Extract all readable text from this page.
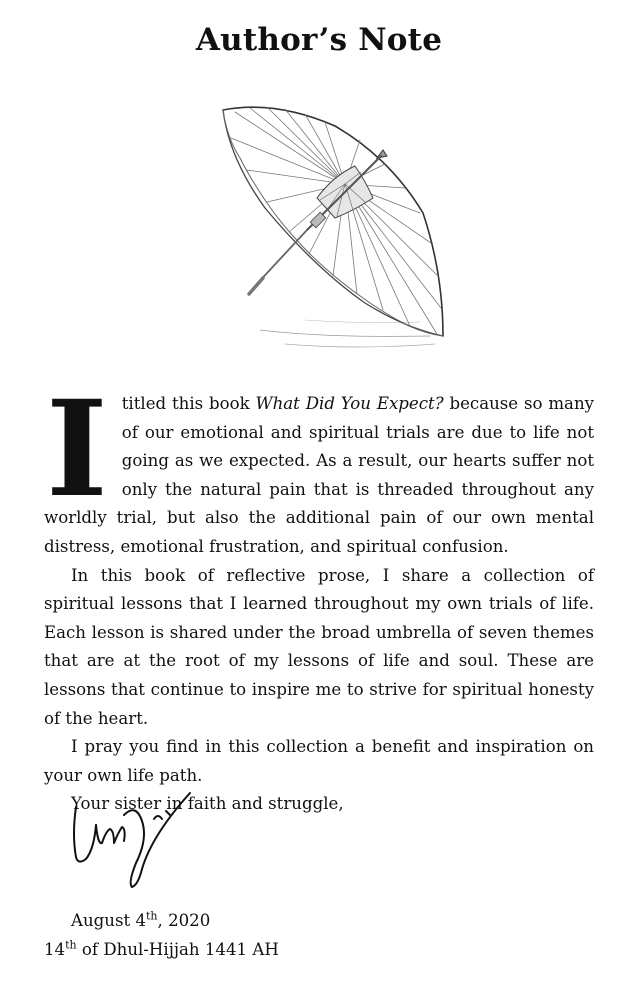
Author’s Note

I titled this book What Did You Expect? because so many of our emotional and spiritual trials are due to life not going as we expected. As a result, our hearts suffer not only the natural pain that is threaded throughout any worldly trial, but also the additional pain of our own mental distress, emotional frustration, and spiritual confusion.

In this book of reflective prose, I share a collection of spiritual lessons that I learned throughout my own trials of life. Each lesson is shared under the broad umbrella of seven themes that are at the root of my lessons of life and soul. These are lessons that continue to inspire me to strive for spiritual honesty of the heart.

I pray you find in this collection a benefit and inspiration on your own life path.

Your sister in faith and struggle,

August 4th, 2020
14th of Dhul-Hijjah 1441 AH
